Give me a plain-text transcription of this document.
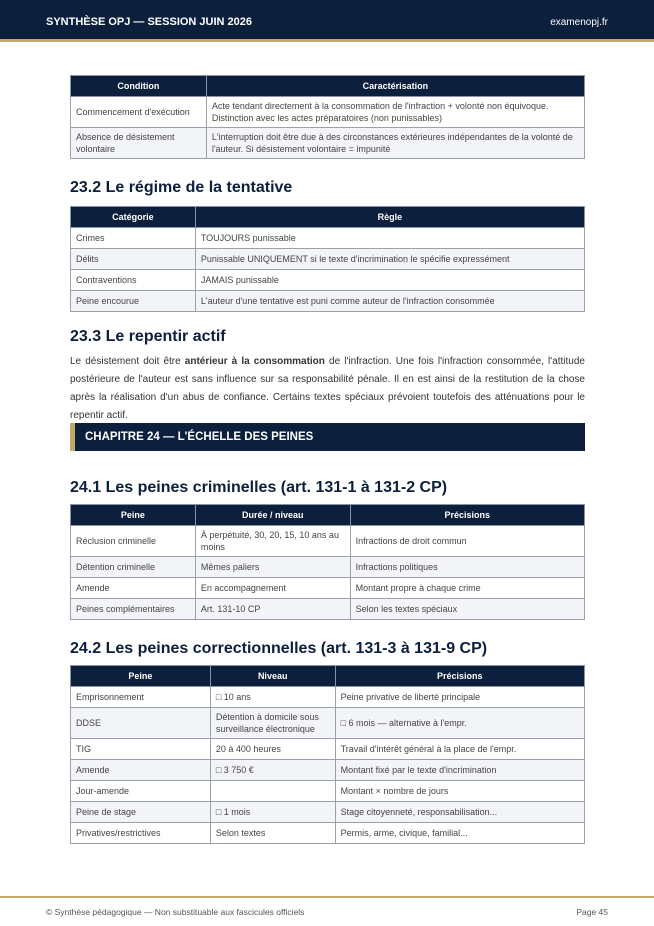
SYNTHÈSE OPJ — SESSION JUIN 2026	examenopj.fr
Condition	Caractérisation
Commencement d'exécution	Acte tendant directement à la consommation de l'infraction + volonté non équivoque. Distinction avec les actes préparatoires (non punissables)
Absence de désistement volontaire	L'interruption doit être due à des circonstances extérieures indépendantes de la volonté de l'auteur. Si désistement volontaire = impunité
23.2 Le régime de la tentative
Catégorie	Règle
Crimes	TOUJOURS punissable
Délits	Punissable UNIQUEMENT si le texte d'incrimination le spécifie expressément
Contraventions	JAMAIS punissable
Peine encourue	L'auteur d'une tentative est puni comme auteur de l'infraction consommée
23.3 Le repentir actif

Le désistement doit être antérieur à la consommation de l'infraction. Une fois l'infraction consommée, l'attitude postérieure de l'auteur est sans influence sur sa responsabilité pénale. Il en est ainsi de la restitution de la chose après la réalisation d'un abus de confiance. Certains textes spéciaux prévoient toutefois des atténuations pour le repentir actif.

CHAPITRE 24 — L'ÉCHELLE DES PEINES
24.1 Les peines criminelles (art. 131-1 à 131-2 CP)
Peine	Durée / niveau	Précisions
Réclusion criminelle	À perpétuité, 30, 20, 15, 10 ans au moins	Infractions de droit commun
Détention criminelle	Mêmes paliers	Infractions politiques
Amende	En accompagnement	Montant propre à chaque crime
Peines complémentaires	Art. 131-10 CP	Selon les textes spéciaux
24.2 Les peines correctionnelles (art. 131-3 à 131-9 CP)
Peine	Niveau	Précisions
Emprisonnement	□ 10 ans	Peine privative de liberté principale
DDSE	Détention à domicile sous surveillance électronique	□ 6 mois — alternative à l'empr.
TIG	20 à 400 heures	Travail d'intérêt général à la place de l'empr.
Amende	□ 3 750 €	Montant fixé par le texte d'incrimination
Jour-amende		Montant × nombre de jours
Peine de stage	□ 1 mois	Stage citoyenneté, responsabilisation...
Privatives/restrictives	Selon textes	Permis, arme, civique, familial...
© Synthèse pédagogique — Non substituable aux fascicules officiels	Page 45
